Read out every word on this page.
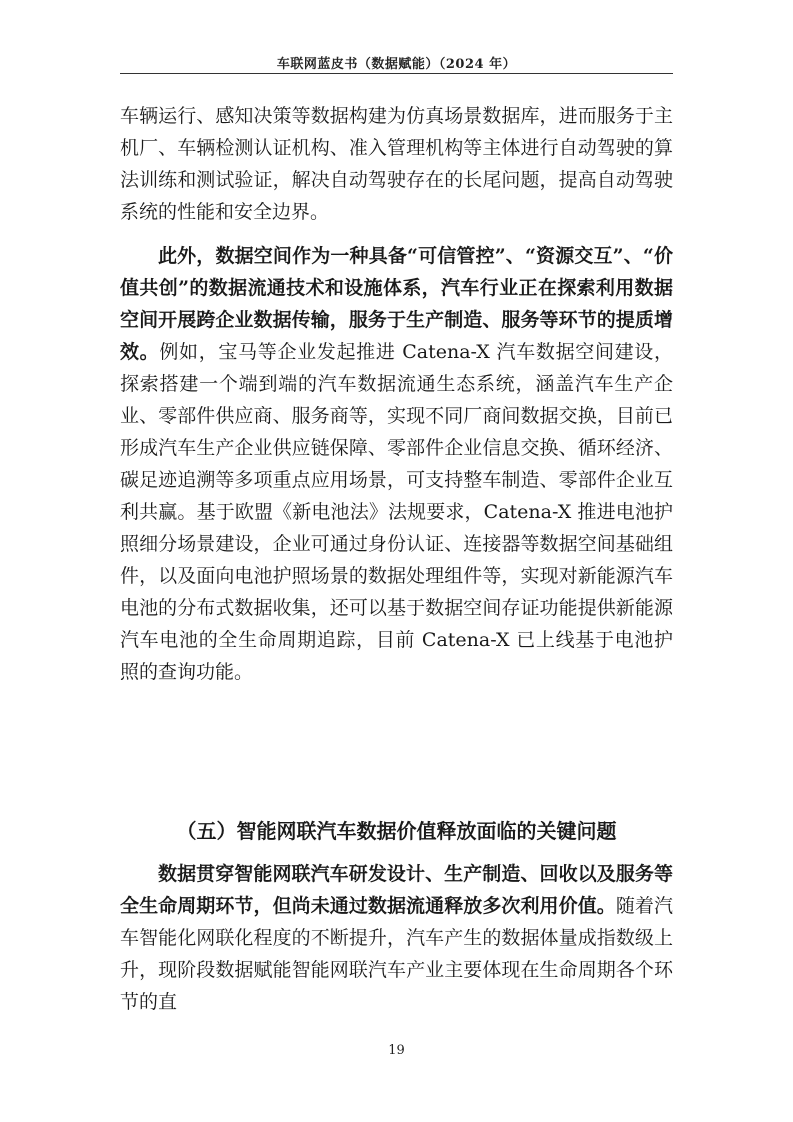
车联网蓝皮书（数据赋能）（2024 年）

车辆运行、感知决策等数据构建为仿真场景数据库，进而服务于主机厂、车辆检测认证机构、准入管理机构等主体进行自动驾驶的算法训练和测试验证，解决自动驾驶存在的长尾问题，提高自动驾驶系统的性能和安全边界。

此外，数据空间作为一种具备“可信管控”、“资源交互”、“价值共创”的数据流通技术和设施体系，汽车行业正在探索利用数据空间开展跨企业数据传输，服务于生产制造、服务等环节的提质增效。例如，宝马等企业发起推进 Catena-X 汽车数据空间建设，探索搭建一个端到端的汽车数据流通生态系统，涵盖汽车生产企业、零部件供应商、服务商等，实现不同厂商间数据交换，目前已形成汽车生产企业供应链保障、零部件企业信息交换、循环经济、碳足迹追溯等多项重点应用场景，可支持整车制造、零部件企业互利共赢。基于欧盟《新电池法》法规要求，Catena-X 推进电池护照细分场景建设，企业可通过身份认证、连接器等数据空间基础组件，以及面向电池护照场景的数据处理组件等，实现对新能源汽车电池的分布式数据收集，还可以基于数据空间存证功能提供新能源汽车电池的全生命周期追踪，目前 Catena-X 已上线基于电池护照的查询功能。

（五）智能网联汽车数据价值释放面临的关键问题

数据贯穿智能网联汽车研发设计、生产制造、回收以及服务等全生命周期环节，但尚未通过数据流通释放多次利用价值。随着汽车智能化网联化程度的不断提升，汽车产生的数据体量成指数级上升，现阶段数据赋能智能网联汽车产业主要体现在生命周期各个环节的直

19
